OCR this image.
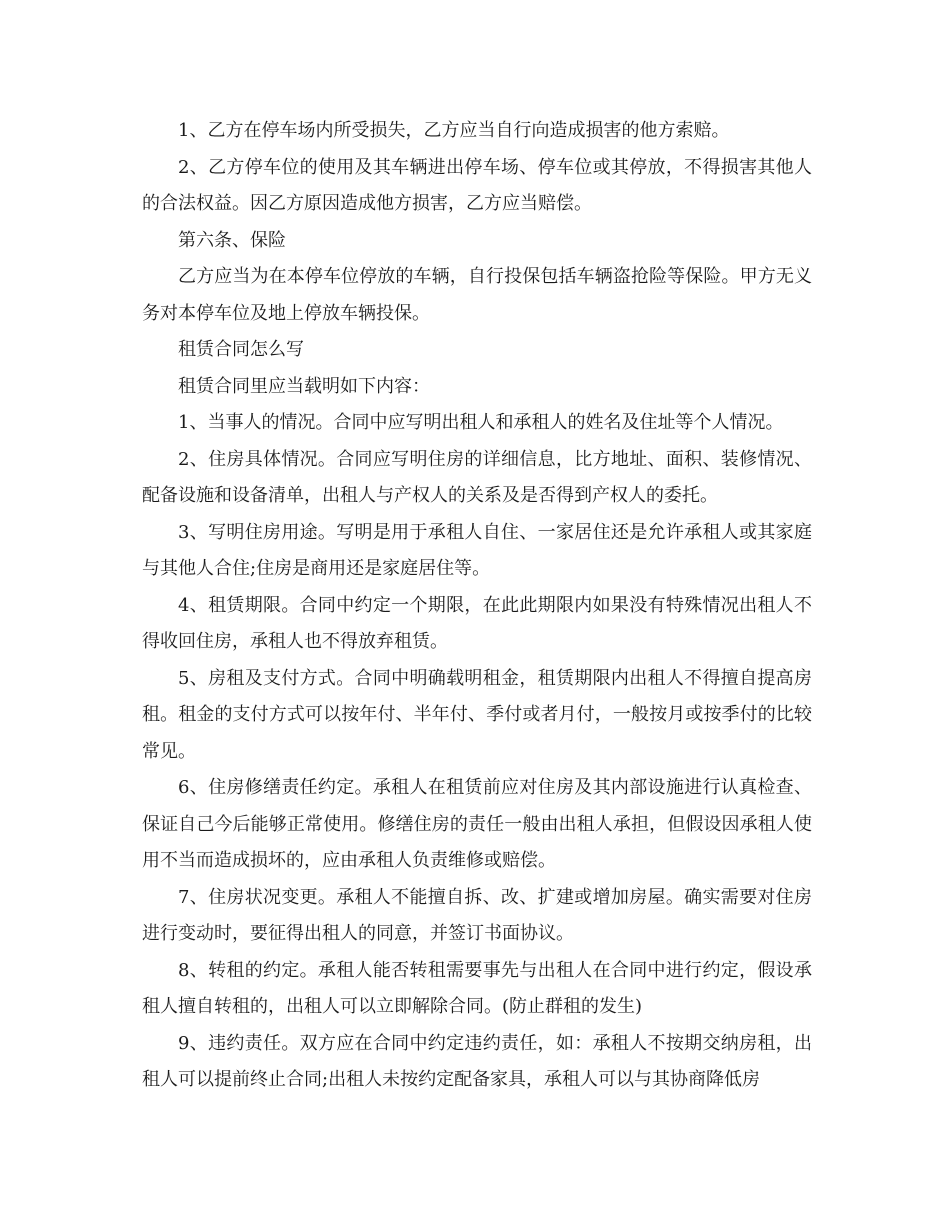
1、乙方在停车场内所受损失，乙方应当自行向造成损害的他方索赔。

2、乙方停车位的使用及其车辆进出停车场、停车位或其停放，不得损害其他人的合法权益。因乙方原因造成他方损害，乙方应当赔偿。

第六条、保险

乙方应当为在本停车位停放的车辆，自行投保包括车辆盗抢险等保险。甲方无义务对本停车位及地上停放车辆投保。

租赁合同怎么写

租赁合同里应当载明如下内容：

1、当事人的情况。合同中应写明出租人和承租人的姓名及住址等个人情况。

2、住房具体情况。合同应写明住房的详细信息，比方地址、面积、装修情况、配备设施和设备清单，出租人与产权人的关系及是否得到产权人的委托。

3、写明住房用途。写明是用于承租人自住、一家居住还是允许承租人或其家庭与其他人合住;住房是商用还是家庭居住等。

4、租赁期限。合同中约定一个期限，在此此期限内如果没有特殊情况出租人不得收回住房，承租人也不得放弃租赁。

5、房租及支付方式。合同中明确载明租金，租赁期限内出租人不得擅自提高房租。租金的支付方式可以按年付、半年付、季付或者月付，一般按月或按季付的比较常见。

6、住房修缮责任约定。承租人在租赁前应对住房及其内部设施进行认真检查、保证自己今后能够正常使用。修缮住房的责任一般由出租人承担，但假设因承租人使用不当而造成损坏的，应由承租人负责维修或赔偿。

7、住房状况变更。承租人不能擅自拆、改、扩建或增加房屋。确实需要对住房进行变动时，要征得出租人的同意，并签订书面协议。

8、转租的约定。承租人能否转租需要事先与出租人在合同中进行约定，假设承租人擅自转租的，出租人可以立即解除合同。(防止群租的发生)

9、违约责任。双方应在合同中约定违约责任，如：承租人不按期交纳房租，出租人可以提前终止合同;出租人未按约定配备家具，承租人可以与其协商降低房
